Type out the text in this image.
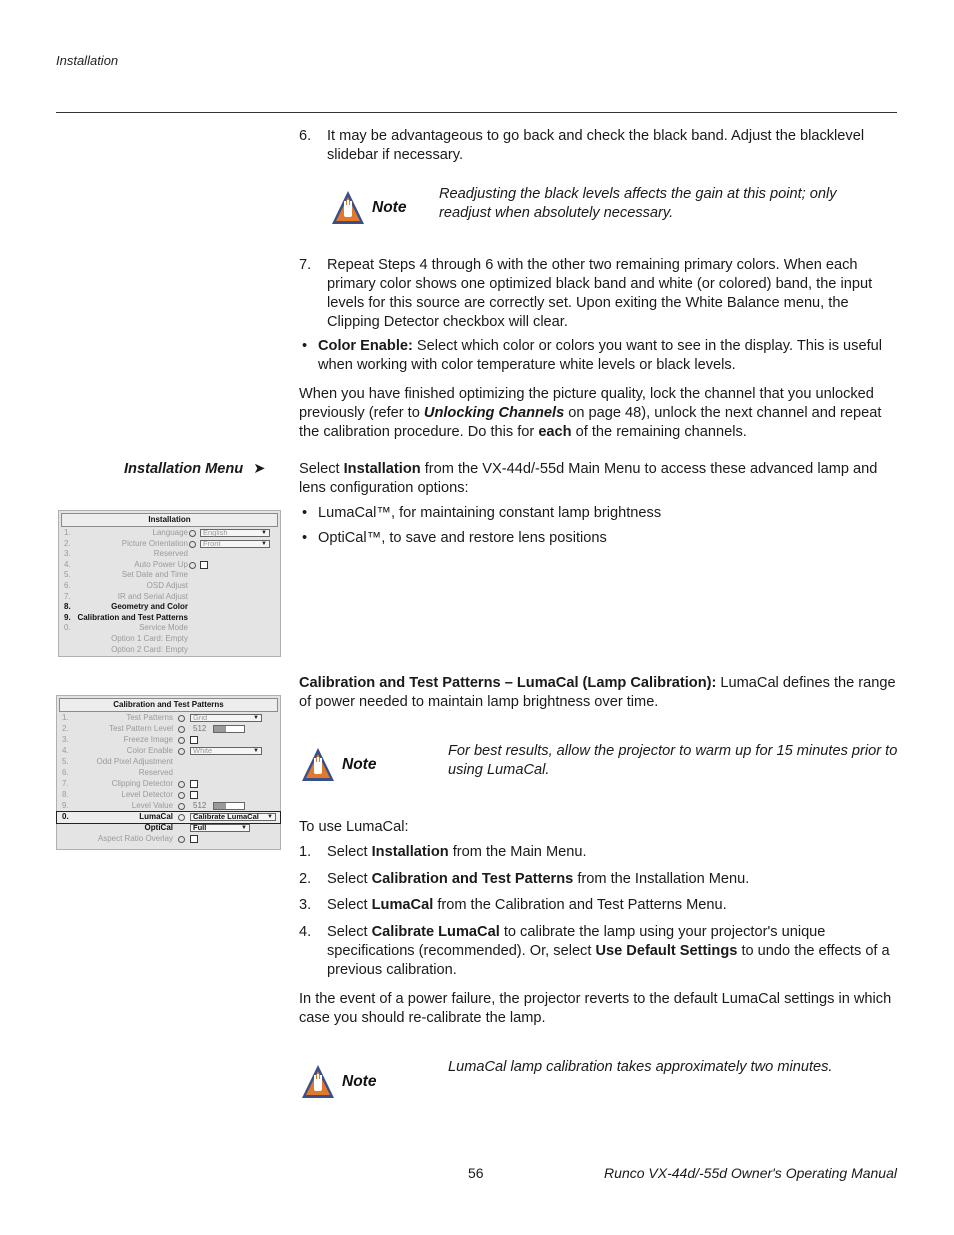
Installation
6. It may be advantageous to go back and check the black band. Adjust the blacklevel slidebar if necessary.
Note
Readjusting the black levels affects the gain at this point; only readjust when absolutely necessary.
7. Repeat Steps 4 through 6 with the other two remaining primary colors. When each primary color shows one optimized black band and white (or colored) band, the input levels for this source are correctly set. Upon exiting the White Balance menu, the Clipping Detector checkbox will clear.
• Color Enable: Select which color or colors you want to see in the display. This is useful when working with color temperature white levels or black levels.
When you have finished optimizing the picture quality, lock the channel that you unlocked previously (refer to Unlocking Channels on page 48), unlock the next channel and repeat the calibration procedure. Do this for each of the remaining channels.
Installation Menu ➤ Select Installation from the VX-44d/-55d Main Menu to access these advanced lamp and lens configuration options:
• LumaCal™, for maintaining constant lamp brightness
• OptiCal™, to save and restore lens positions
Installation
1.	Language	English	▼
2.	Picture Orientation	Front	▼
3.	Reserved
4.	Auto Power Up
5.	Set Date and Time
6.	OSD Adjust
7.	IR and Serial Adjust
8.	Geometry and Color
9. Calibration and Test Patterns
0.	Service Mode
Option 1 Card: Empty
Option 2 Card: Empty
Calibration and Test Patterns – LumaCal (Lamp Calibration): LumaCal defines the range of power needed to maintain lamp brightness over time.
Calibration and Test Patterns
1.	Test Patterns	Grid	▼
2.	Test Pattern Level	512
3.	Freeze Image
4.	Color Enable	White	▼
5.	Odd Pixel Adjustment
6.	Reserved
7.	Clipping Detector
8.	Level Detector
9.	Level Value	512
0.	LumaCal	Calibrate LumaCal ▼
OptiCal	Full	▼
Aspect Ratio Overlay
Note
For best results, allow the projector to warm up for 15 minutes prior to using LumaCal.
To use LumaCal:
1. Select Installation from the Main Menu.
2. Select Calibration and Test Patterns from the Installation Menu.
3. Select LumaCal from the Calibration and Test Patterns Menu.
4. Select Calibrate LumaCal to calibrate the lamp using your projector's unique specifications (recommended). Or, select Use Default Settings to undo the effects of a previous calibration.
In the event of a power failure, the projector reverts to the default LumaCal settings in which case you should re-calibrate the lamp.
Note
LumaCal lamp calibration takes approximately two minutes.
56	Runco VX-44d/-55d Owner's Operating Manual
